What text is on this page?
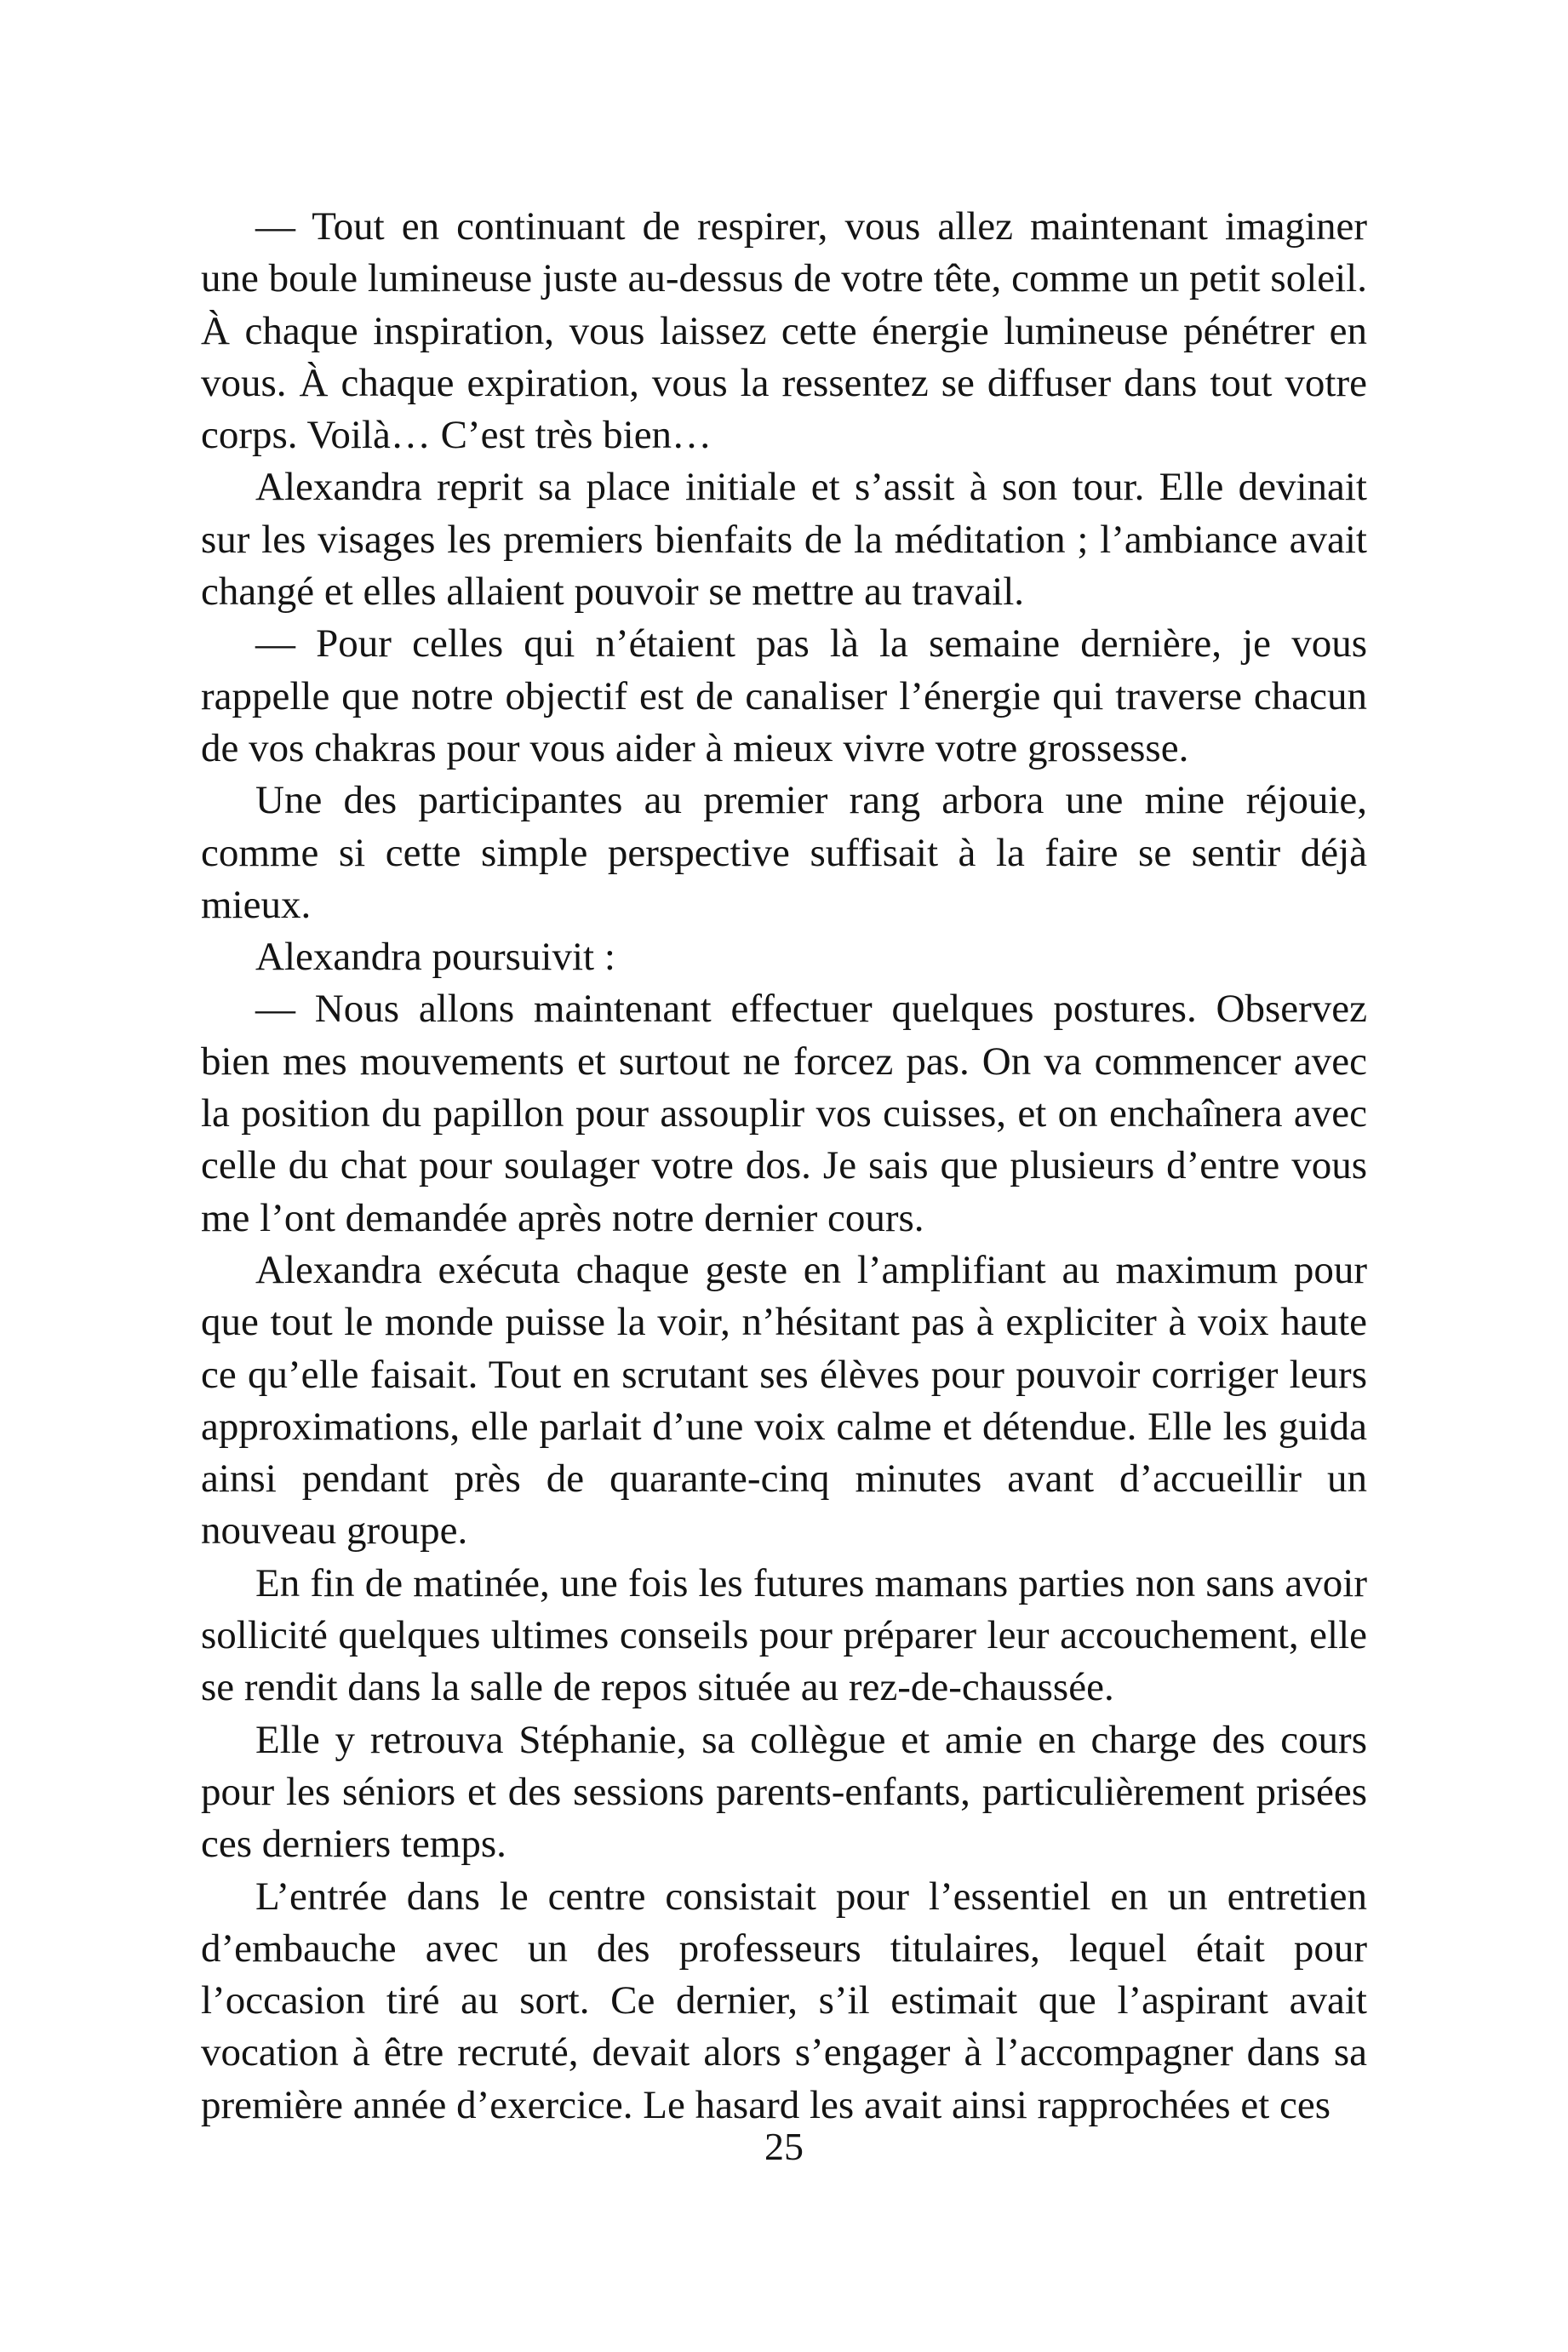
— Tout en continuant de respirer, vous allez maintenant imaginer une boule lumineuse juste au-dessus de votre tête, comme un petit soleil. À chaque inspiration, vous laissez cette énergie lumineuse pénétrer en vous. À chaque expiration, vous la ressentez se diffuser dans tout votre corps. Voilà… C’est très bien…

Alexandra reprit sa place initiale et s’assit à son tour. Elle devinait sur les visages les premiers bienfaits de la méditation ; l’ambiance avait changé et elles allaient pouvoir se mettre au travail.

— Pour celles qui n’étaient pas là la semaine dernière, je vous rappelle que notre objectif est de canaliser l’énergie qui traverse chacun de vos chakras pour vous aider à mieux vivre votre grossesse.

Une des participantes au premier rang arbora une mine réjouie, comme si cette simple perspective suffisait à la faire se sentir déjà mieux.

Alexandra poursuivit :

— Nous allons maintenant effectuer quelques postures. Observez bien mes mouvements et surtout ne forcez pas. On va commencer avec la position du papillon pour assouplir vos cuisses, et on enchaînera avec celle du chat pour soulager votre dos. Je sais que plusieurs d’entre vous me l’ont demandée après notre dernier cours.

Alexandra exécuta chaque geste en l’amplifiant au maximum pour que tout le monde puisse la voir, n’hésitant pas à expliciter à voix haute ce qu’elle faisait. Tout en scrutant ses élèves pour pouvoir corriger leurs approximations, elle parlait d’une voix calme et détendue. Elle les guida ainsi pendant près de quarante-cinq minutes avant d’accueillir un nouveau groupe.

En fin de matinée, une fois les futures mamans parties non sans avoir sollicité quelques ultimes conseils pour préparer leur accouchement, elle se rendit dans la salle de repos située au rez-de-chaussée.

Elle y retrouva Stéphanie, sa collègue et amie en charge des cours pour les séniors et des sessions parents-enfants, particulièrement prisées ces derniers temps.

L’entrée dans le centre consistait pour l’essentiel en un entretien d’embauche avec un des professeurs titulaires, lequel était pour l’occasion tiré au sort. Ce dernier, s’il estimait que l’aspirant avait vocation à être recruté, devait alors s’engager à l’accompagner dans sa première année d’exercice. Le hasard les avait ainsi rapprochées et ces

25
